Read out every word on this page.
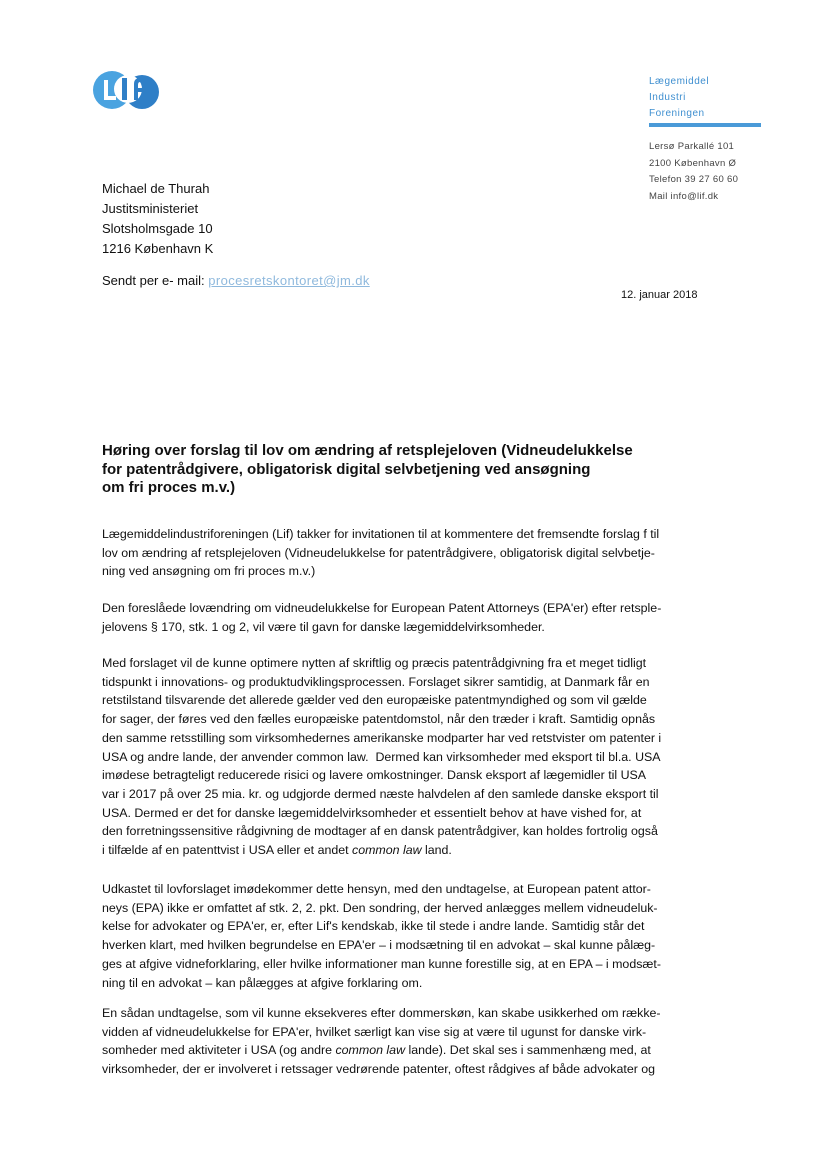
Lægemiddel
Industri
Foreningen
Lersø Parkallé 101
2100 København Ø
Telefon 39 27 60 60
Mail info@lif.dk
Michael de Thurah
Justitsministeriet
Slotsholmsgade 10
1216 København K
Sendt per e- mail: procesretskontoret@jm.dk
12. januar 2018
Høring over forslag til lov om ændring af retsplejeloven (Vidneudelukkelse
for patentrådgivere, obligatorisk digital selvbetjening ved ansøgning
om fri proces m.v.)
Lægemiddelindustriforeningen (Lif) takker for invitationen til at kommentere det fremsendte forslag f til
lov om ændring af retsplejeloven (Vidneudelukkelse for patentrådgivere, obligatorisk digital selvbetje-
ning ved ansøgning om fri proces m.v.)
Den foreslåede lovændring om vidneudelukkelse for European Patent Attorneys (EPA'er) efter retsple-
jelovens § 170, stk. 1 og 2, vil være til gavn for danske lægemiddelvirksomheder.
Med forslaget vil de kunne optimere nytten af skriftlig og præcis patentrådgivning fra et meget tidligt
tidspunkt i innovations- og produktudviklingsprocessen. Forslaget sikrer samtidig, at Danmark får en
retstilstand tilsvarende det allerede gælder ved den europæiske patentmyndighed og som vil gælde
for sager, der føres ved den fælles europæiske patentdomstol, når den træder i kraft. Samtidig opnås
den samme retsstilling som virksomhedernes amerikanske modparter har ved retstvister om patenter i
USA og andre lande, der anvender common law.  Dermed kan virksomheder med eksport til bl.a. USA
imødese betragteligt reducerede risici og lavere omkostninger. Dansk eksport af lægemidler til USA
var i 2017 på over 25 mia. kr. og udgjorde dermed næste halvdelen af den samlede danske eksport til
USA. Dermed er det for danske lægemiddelvirksomheder et essentielt behov at have vished for, at
den forretningssensitive rådgivning de modtager af en dansk patentrådgiver, kan holdes fortrolig også
i tilfælde af en patenttvist i USA eller et andet common law land.
Udkastet til lovforslaget imødekommer dette hensyn, med den undtagelse, at European patent attor-
neys (EPA) ikke er omfattet af stk. 2, 2. pkt. Den sondring, der herved anlægges mellem vidneudeluk-
kelse for advokater og EPA'er, er, efter Lif's kendskab, ikke til stede i andre lande. Samtidig står det
hverken klart, med hvilken begrundelse en EPA'er – i modsætning til en advokat – skal kunne pålæg-
ges at afgive vidneforklaring, eller hvilke informationer man kunne forestille sig, at en EPA – i modsæt-
ning til en advokat – kan pålægges at afgive forklaring om.
En sådan undtagelse, som vil kunne eksekveres efter dommerskøn, kan skabe usikkerhed om række-
vidden af vidneudelukkelse for EPA'er, hvilket særligt kan vise sig at være til ugunst for danske virk-
somheder med aktiviteter i USA (og andre common law lande). Det skal ses i sammenhæng med, at
virksomheder, der er involveret i retssager vedrørende patenter, oftest rådgives af både advokater og
